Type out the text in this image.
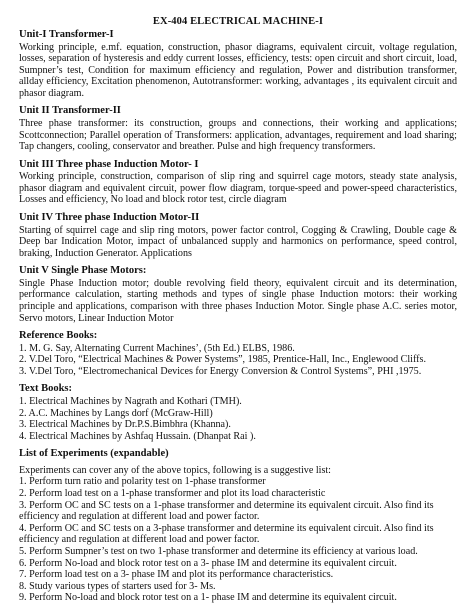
EX-404 ELECTRICAL MACHINE-I

Unit-I Transformer-I

Working principle, e.mf. equation, construction, phasor diagrams, equivalent circuit, voltage regulation, losses, separation of hysteresis and eddy current losses, efficiency, tests: open circuit and short circuit, load, Sumpner’s test, Condition for maximum efficiency and regulation, Power and distribution transformer, allday efficiency, Excitation phenomenon, Autotransformer: working, advantages , its equivalent circuit and phasor diagram.

Unit II Transformer-II

Three phase transformer: its construction, groups and connections, their working and applications; Scottconnection; Parallel operation of Transformers: application, advantages, requirement and load sharing; Tap changers, cooling, conservator and breather. Pulse and high frequency transformers.

Unit III Three phase Induction Motor- I

Working principle, construction, comparison of slip ring and squirrel cage motors, steady state analysis, phasor diagram and equivalent circuit, power flow diagram, torque-speed and power-speed characteristics, Losses and efficiency, No load and block rotor test, circle diagram

Unit IV Three phase Induction Motor-II

Starting of squirrel cage and slip ring motors, power factor control, Cogging & Crawling, Double cage & Deep bar Indication Motor, impact of unbalanced supply and harmonics on performance, speed control, braking, Induction Generator. Applications

Unit V Single Phase Motors:

Single Phase Induction motor; double revolving field theory, equivalent circuit and its determination, performance calculation, starting methods and types of single phase Induction motors: their working principle and applications, comparison with three phases Induction Motor. Single phase A.C. series motor, Servo motors, Linear Induction Motor

Reference Books:

1. M. G. Say, Alternating Current Machines’, (5th Ed.) ELBS, 1986.
2. V.Del Toro, “Electrical Machines & Power Systems”, 1985, Prentice-Hall, Inc., Englewood Cliffs.
3. V.Del Toro, “Electromechanical Devices for Energy Conversion & Control Systems”, PHI ,1975.

Text Books:

1. Electrical Machines by Nagrath and Kothari (TMH).
2. A.C. Machines by Langs dorf (McGraw-Hill)
3. Electrical Machines by Dr.P.S.Bimbhra (Khanna).
4. Electrical Machines by Ashfaq Hussain. (Dhanpat Rai ).

List of Experiments (expandable)

Experiments can cover any of the above topics, following is a suggestive list:

1. Perform turn ratio and polarity test on 1-phase transformer
2. Perform load test on a 1-phase transformer and plot its load characteristic
3. Perform OC and SC tests on a 1-phase transformer and determine its equivalent circuit. Also find its efficiency and regulation at different load and power factor.
4. Perform OC and SC tests on a 3-phase transformer and determine its equivalent circuit. Also find its efficiency and regulation at different load and power factor.
5. Perform Sumpner’s test on two 1-phase transformer and determine its efficiency at various load.
6. Perform No-load and block rotor test on a 3- phase IM and determine its equivalent circuit.
7. Perform load test on a 3- phase IM and plot its performance characteristics.
8. Study various types of starters used for 3- Ms.
9. Perform No-load and block rotor test on a 1- phase IM and determine its equivalent circuit.
